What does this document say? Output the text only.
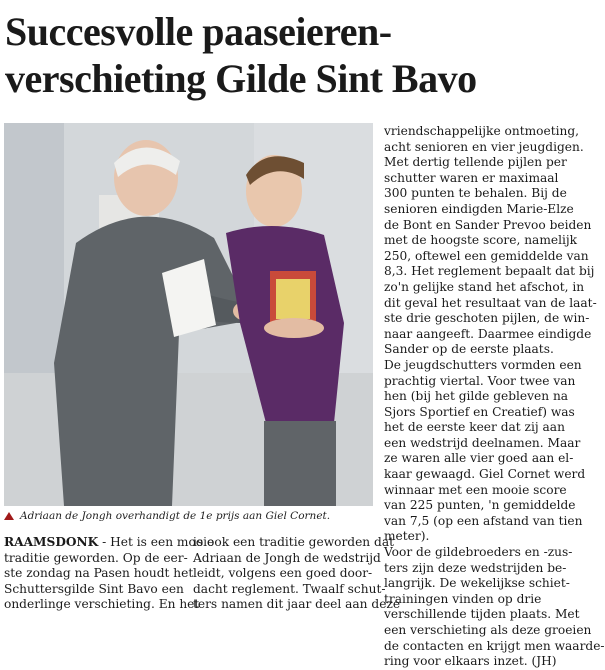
Succesvolle paaseieren-
verschieting Gilde Sint Bavo
Adriaan de Jongh overhandigt de 1e prijs aan Giel Cornet.

RAAMSDONK - Het is een mooie

traditie geworden. Op de eer-

ste zondag na Pasen houdt het

Schuttersgilde Sint Bavo een

onderlinge verschieting. En het

is ook een traditie geworden dat

Adriaan de Jongh de wedstrijd

leidt, volgens een goed door-

dacht reglement. Twaalf schut-

ters namen dit jaar deel aan deze

vriendschappelijke ontmoeting,

acht senioren en vier jeugdigen.

Met dertig tellende pijlen per

schutter waren er maximaal

300 punten te behalen. Bij de

senioren eindigden Marie-Elze

de Bont en Sander Prevoo beiden

met de hoogste score, namelijk

250, oftewel een gemiddelde van

8,3. Het reglement bepaalt dat bij

zo'n gelijke stand het afschot, in

dit geval het resultaat van de laat-

ste drie geschoten pijlen, de win-

naar aangeeft. Daarmee eindigde

Sander op de eerste plaats.

De jeugdschutters vormden een

prachtig viertal. Voor twee van

hen (bij het gilde gebleven na

Sjors Sportief en Creatief) was

het de eerste keer dat zij aan

een wedstrijd deelnamen. Maar

ze waren alle vier goed aan el-

kaar gewaagd. Giel Cornet werd

winnaar met een mooie score

van 225 punten, 'n gemiddelde

van 7,5 (op een afstand van tien

meter).

Voor de gildebroeders en -zus-

ters zijn deze wedstrijden be-

langrijk. De wekelijkse schiet-

trainingen vinden op drie

verschillende tijden plaats. Met

een verschieting als deze groeien

de contacten en krijgt men waarde-

ring voor elkaars inzet. (JH)
